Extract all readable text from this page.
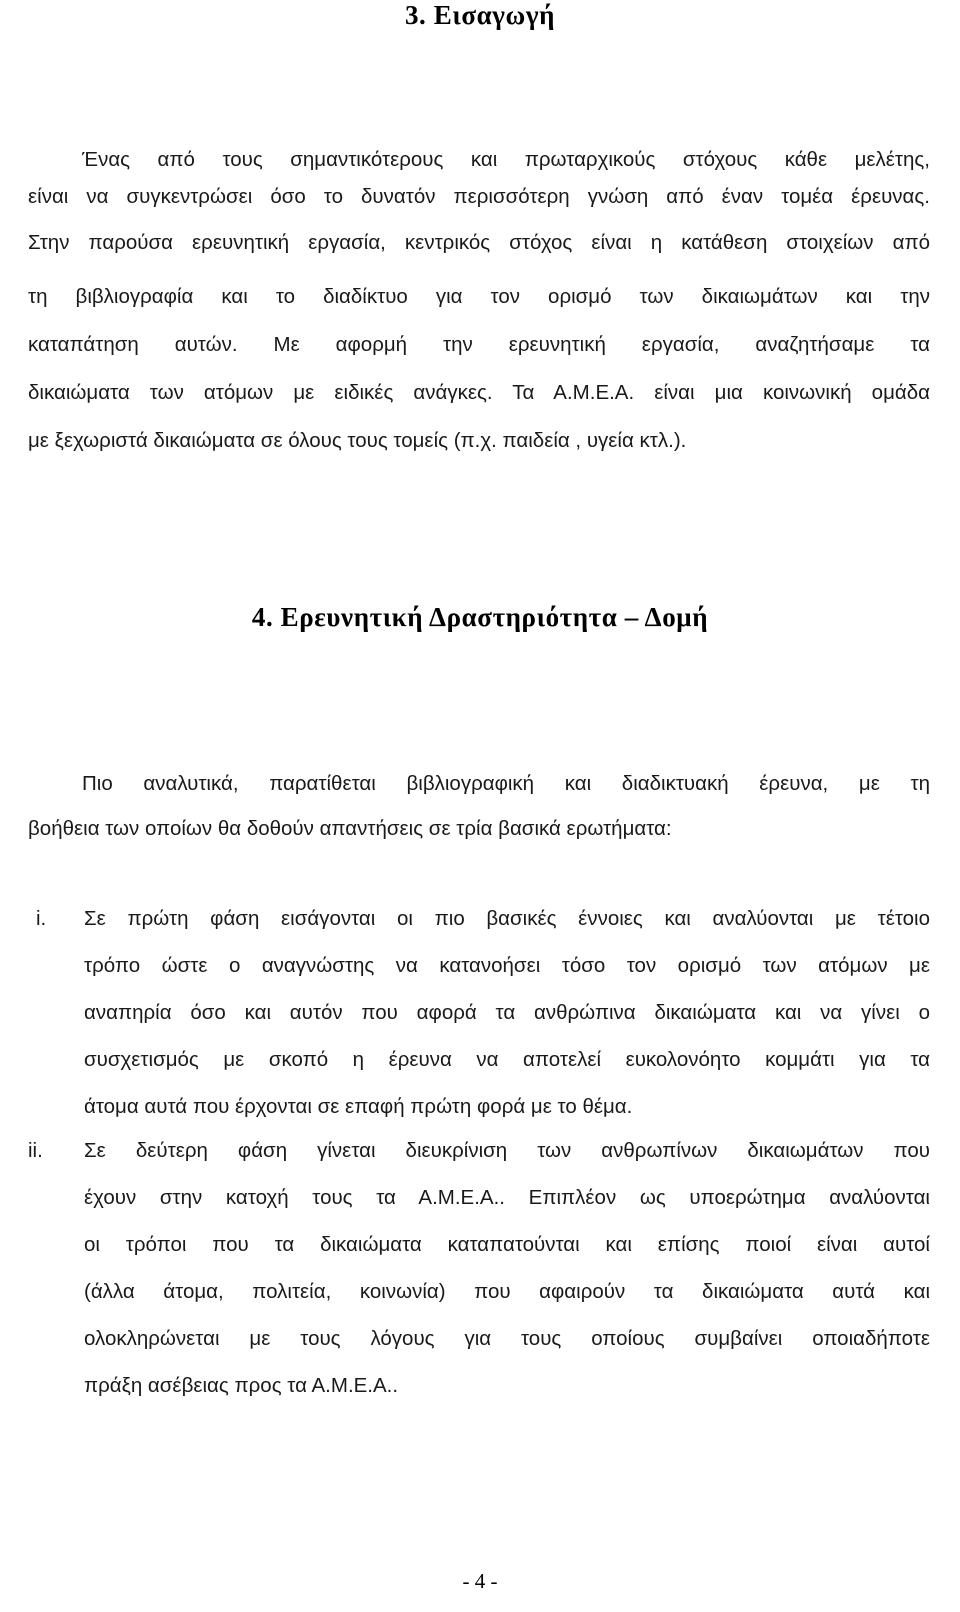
3. Εισαγωγή
Ένας από τους σημαντικότερους και πρωταρχικούς στόχους κάθε μελέτης,
είναι να συγκεντρώσει όσο το δυνατόν περισσότερη γνώση από έναν τομέα έρευνας.
Στην παρούσα ερευνητική εργασία, κεντρικός στόχος είναι η κατάθεση στοιχείων από
τη βιβλιογραφία και το διαδίκτυο για τον ορισμό των δικαιωμάτων και την
καταπάτηση αυτών. Με αφορμή την ερευνητική εργασία, αναζητήσαμε τα
δικαιώματα των ατόμων με ειδικές ανάγκες. Τα Α.Μ.Ε.Α. είναι μια κοινωνική ομάδα
με ξεχωριστά δικαιώματα σε όλους τους τομείς (π.χ. παιδεία , υγεία κτλ.).
4. Ερευνητική Δραστηριότητα – Δομή
Πιο αναλυτικά, παρατίθεται βιβλιογραφική και διαδικτυακή έρευνα, με τη
βοήθεια των οποίων θα δοθούν απαντήσεις σε τρία βασικά ερωτήματα:
i. Σε πρώτη φάση εισάγονται οι πιο βασικές έννοιες και αναλύονται με τέτοιο
τρόπο ώστε ο αναγνώστης να κατανοήσει τόσο τον ορισμό των ατόμων με
αναπηρία όσο και αυτόν που αφορά τα ανθρώπινα δικαιώματα και να γίνει ο
συσχετισμός με σκοπό η έρευνα να αποτελεί ευκολονόητο κομμάτι για τα
άτομα αυτά που έρχονται σε επαφή πρώτη φορά με το θέμα.
ii. Σε δεύτερη φάση γίνεται διευκρίνιση των ανθρωπίνων δικαιωμάτων που
έχουν στην κατοχή τους τα Α.Μ.Ε.Α.. Επιπλέον ως υποερώτημα αναλύονται
οι τρόποι που τα δικαιώματα καταπατούνται και επίσης ποιοί είναι αυτοί
(άλλα άτομα, πολιτεία, κοινωνία) που αφαιρούν τα δικαιώματα αυτά και
ολοκληρώνεται με τους λόγους για τους οποίους συμβαίνει οποιαδήποτε
πράξη ασέβειας προς τα Α.Μ.Ε.Α..
- 4 -
